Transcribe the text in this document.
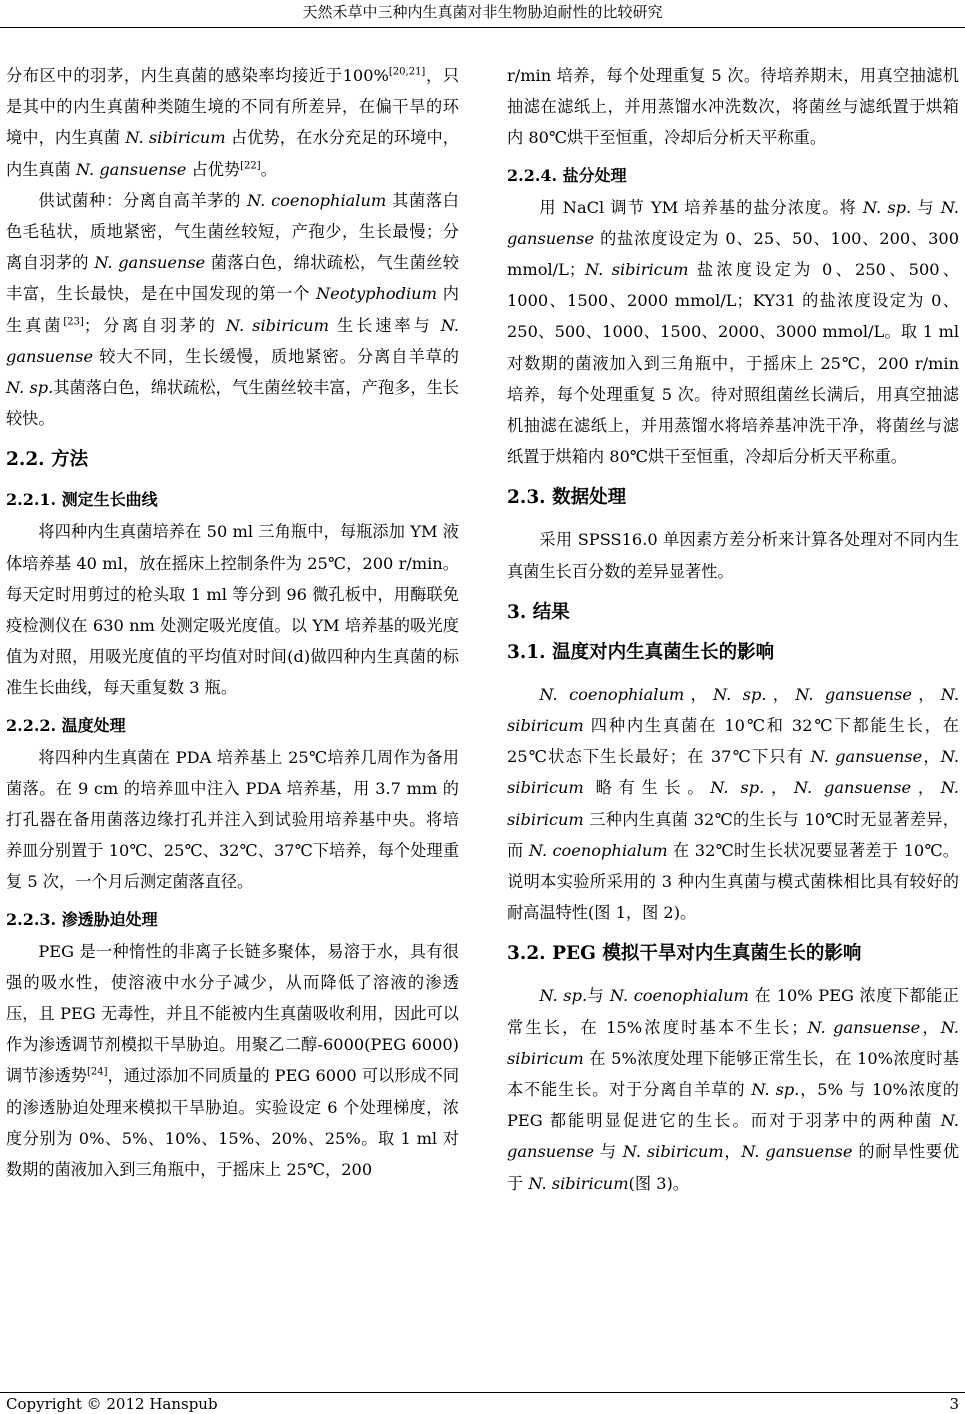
天然禾草中三种内生真菌对非生物胁迫耐性的比较研究

分布区中的羽茅，内生真菌的感染率均接近于100%[20,21]，只是其中的内生真菌种类随生境的不同有所差异，在偏干旱的环境中，内生真菌 N. sibiricum 占优势，在水分充足的环境中，内生真菌 N. gansuense 占优势[22]。

供试菌种：分离自高羊茅的 N. coenophialum 其菌落白色毛毡状，质地紧密，气生菌丝较短，产孢少，生长最慢；分离自羽茅的 N. gansuense 菌落白色，绵状疏松，气生菌丝较丰富，生长最快，是在中国发现的第一个 Neotyphodium 内生真菌[23]；分离自羽茅的 N. sibiricum 生长速率与 N. gansuense 较大不同，生长缓慢，质地紧密。分离自羊草的 N. sp.其菌落白色，绵状疏松，气生菌丝较丰富，产孢多，生长较快。

2.2. 方法
2.2.1. 测定生长曲线

将四种内生真菌培养在 50 ml 三角瓶中，每瓶添加 YM 液体培养基 40 ml，放在摇床上控制条件为 25℃，200 r/min。每天定时用剪过的枪头取 1 ml 等分到 96 微孔板中，用酶联免疫检测仪在 630 nm 处测定吸光度值。以 YM 培养基的吸光度值为对照，用吸光度值的平均值对时间(d)做四种内生真菌的标准生长曲线，每天重复数 3 瓶。

2.2.2. 温度处理

将四种内生真菌在 PDA 培养基上 25℃培养几周作为备用菌落。在 9 cm 的培养皿中注入 PDA 培养基，用 3.7 mm 的打孔器在备用菌落边缘打孔并注入到试验用培养基中央。将培养皿分别置于 10℃、25℃、32℃、37℃下培养，每个处理重复 5 次，一个月后测定菌落直径。

2.2.3. 渗透胁迫处理

PEG 是一种惰性的非离子长链多聚体，易溶于水，具有很强的吸水性，使溶液中水分子减少，从而降低了溶液的渗透压，且 PEG 无毒性，并且不能被内生真菌吸收利用，因此可以作为渗透调节剂模拟干旱胁迫。用聚乙二醇-6000(PEG 6000)调节渗透势[24]，通过添加不同质量的 PEG 6000 可以形成不同的渗透胁迫处理来模拟干旱胁迫。实验设定 6 个处理梯度，浓度分别为 0%、5%、10%、15%、20%、25%。取 1 ml 对数期的菌液加入到三角瓶中，于摇床上 25℃，200

r/min 培养，每个处理重复 5 次。待培养期末，用真空抽滤机抽滤在滤纸上，并用蒸馏水冲洗数次，将菌丝与滤纸置于烘箱内 80℃烘干至恒重，冷却后分析天平称重。

2.2.4. 盐分处理

用 NaCl 调节 YM 培养基的盐分浓度。将 N. sp. 与 N. gansuense 的盐浓度设定为 0、25、50、100、200、300 mmol/L；N. sibiricum 盐浓度设定为 0、250、500、1000、1500、2000 mmol/L；KY31 的盐浓度设定为 0、250、500、1000、1500、2000、3000 mmol/L。取 1 ml 对数期的菌液加入到三角瓶中，于摇床上 25℃，200 r/min 培养，每个处理重复 5 次。待对照组菌丝长满后，用真空抽滤机抽滤在滤纸上，并用蒸馏水将培养基冲洗干净，将菌丝与滤纸置于烘箱内 80℃烘干至恒重，冷却后分析天平称重。

2.3. 数据处理

采用 SPSS16.0 单因素方差分析来计算各处理对不同内生真菌生长百分数的差异显著性。

3. 结果
3.1. 温度对内生真菌生长的影响

N. coenophialum，N. sp.，N. gansuense，N. sibiricum 四种内生真菌在 10℃和 32℃下都能生长，在 25℃状态下生长最好；在 37℃下只有 N. gansuense，N. sibiricum 略有生长。N. sp.，N. gansuense，N. sibiricum 三种内生真菌 32℃的生长与 10℃时无显著差异，而 N. coenophialum 在 32℃时生长状况要显著差于 10℃。说明本实验所采用的 3 种内生真菌与模式菌株相比具有较好的耐高温特性(图 1，图 2)。

3.2. PEG 模拟干旱对内生真菌生长的影响

N. sp.与 N. coenophialum 在 10% PEG 浓度下都能正常生长，在 15%浓度时基本不生长；N. gansuense，N. sibiricum 在 5%浓度处理下能够正常生长，在 10%浓度时基本不能生长。对于分离自羊草的 N. sp.，5% 与 10%浓度的 PEG 都能明显促进它的生长。而对于羽茅中的两种菌 N. gansuense 与 N. sibiricum，N. gansuense 的耐旱性要优于 N. sibiricum(图 3)。

Copyright © 2012 Hanspub	3
